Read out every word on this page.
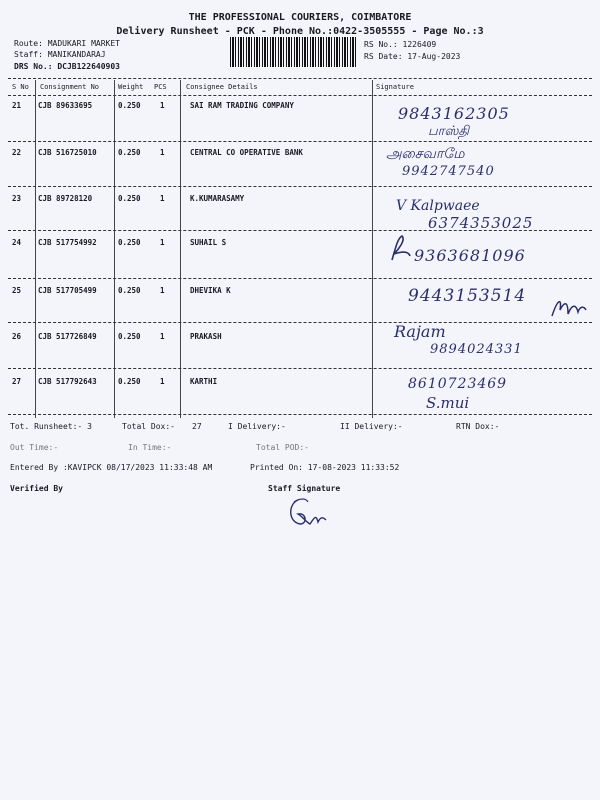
THE PROFESSIONAL COURIERS, COIMBATORE
Delivery Runsheet - PCK - Phone No.:0422-3505555 - Page No.:3
Route: MADUKARI MARKET
Staff: MANIKANDARAJ
DRS No.: DCJB122640903
RS No.: 1226409
RS Date: 17-Aug-2023
S No Consignment No	Weight PCS	Consignee Details	Signature
21 CJB 89633695	0.250	1	SAI RAM TRADING COMPANY	9843162305
பாஸ்தி
22 CJB 516725010	0.250	1	CENTRAL CO OPERATIVE BANK	அசைவாமே
9942747540
23 CJB 89728120	0.250	1	K.KUMARASAMY	V Kalpwaee
6374353025
24 CJB 517754992	0.250	1	SUHAIL S
9363681096
25 CJB 517705499	0.250	1	DHEVIKA K	9443153514
26 CJB 517726849	0.250	1	PRAKASH	Rajam
9894024331
27 CJB 517792643	0.250	1	KARTHI	8610723469
S.mui
Tot. Runsheet:- 3	Total Dox:- 27	I Delivery:-	II Delivery:-	RTN Dox:-
Out Time:-	In Time:-	Total POD:-
Entered By :KAVIPCK 08/17/2023 11:33:48 AM	Printed On: 17-08-2023 11:33:52
Verified By	Staff Signature
